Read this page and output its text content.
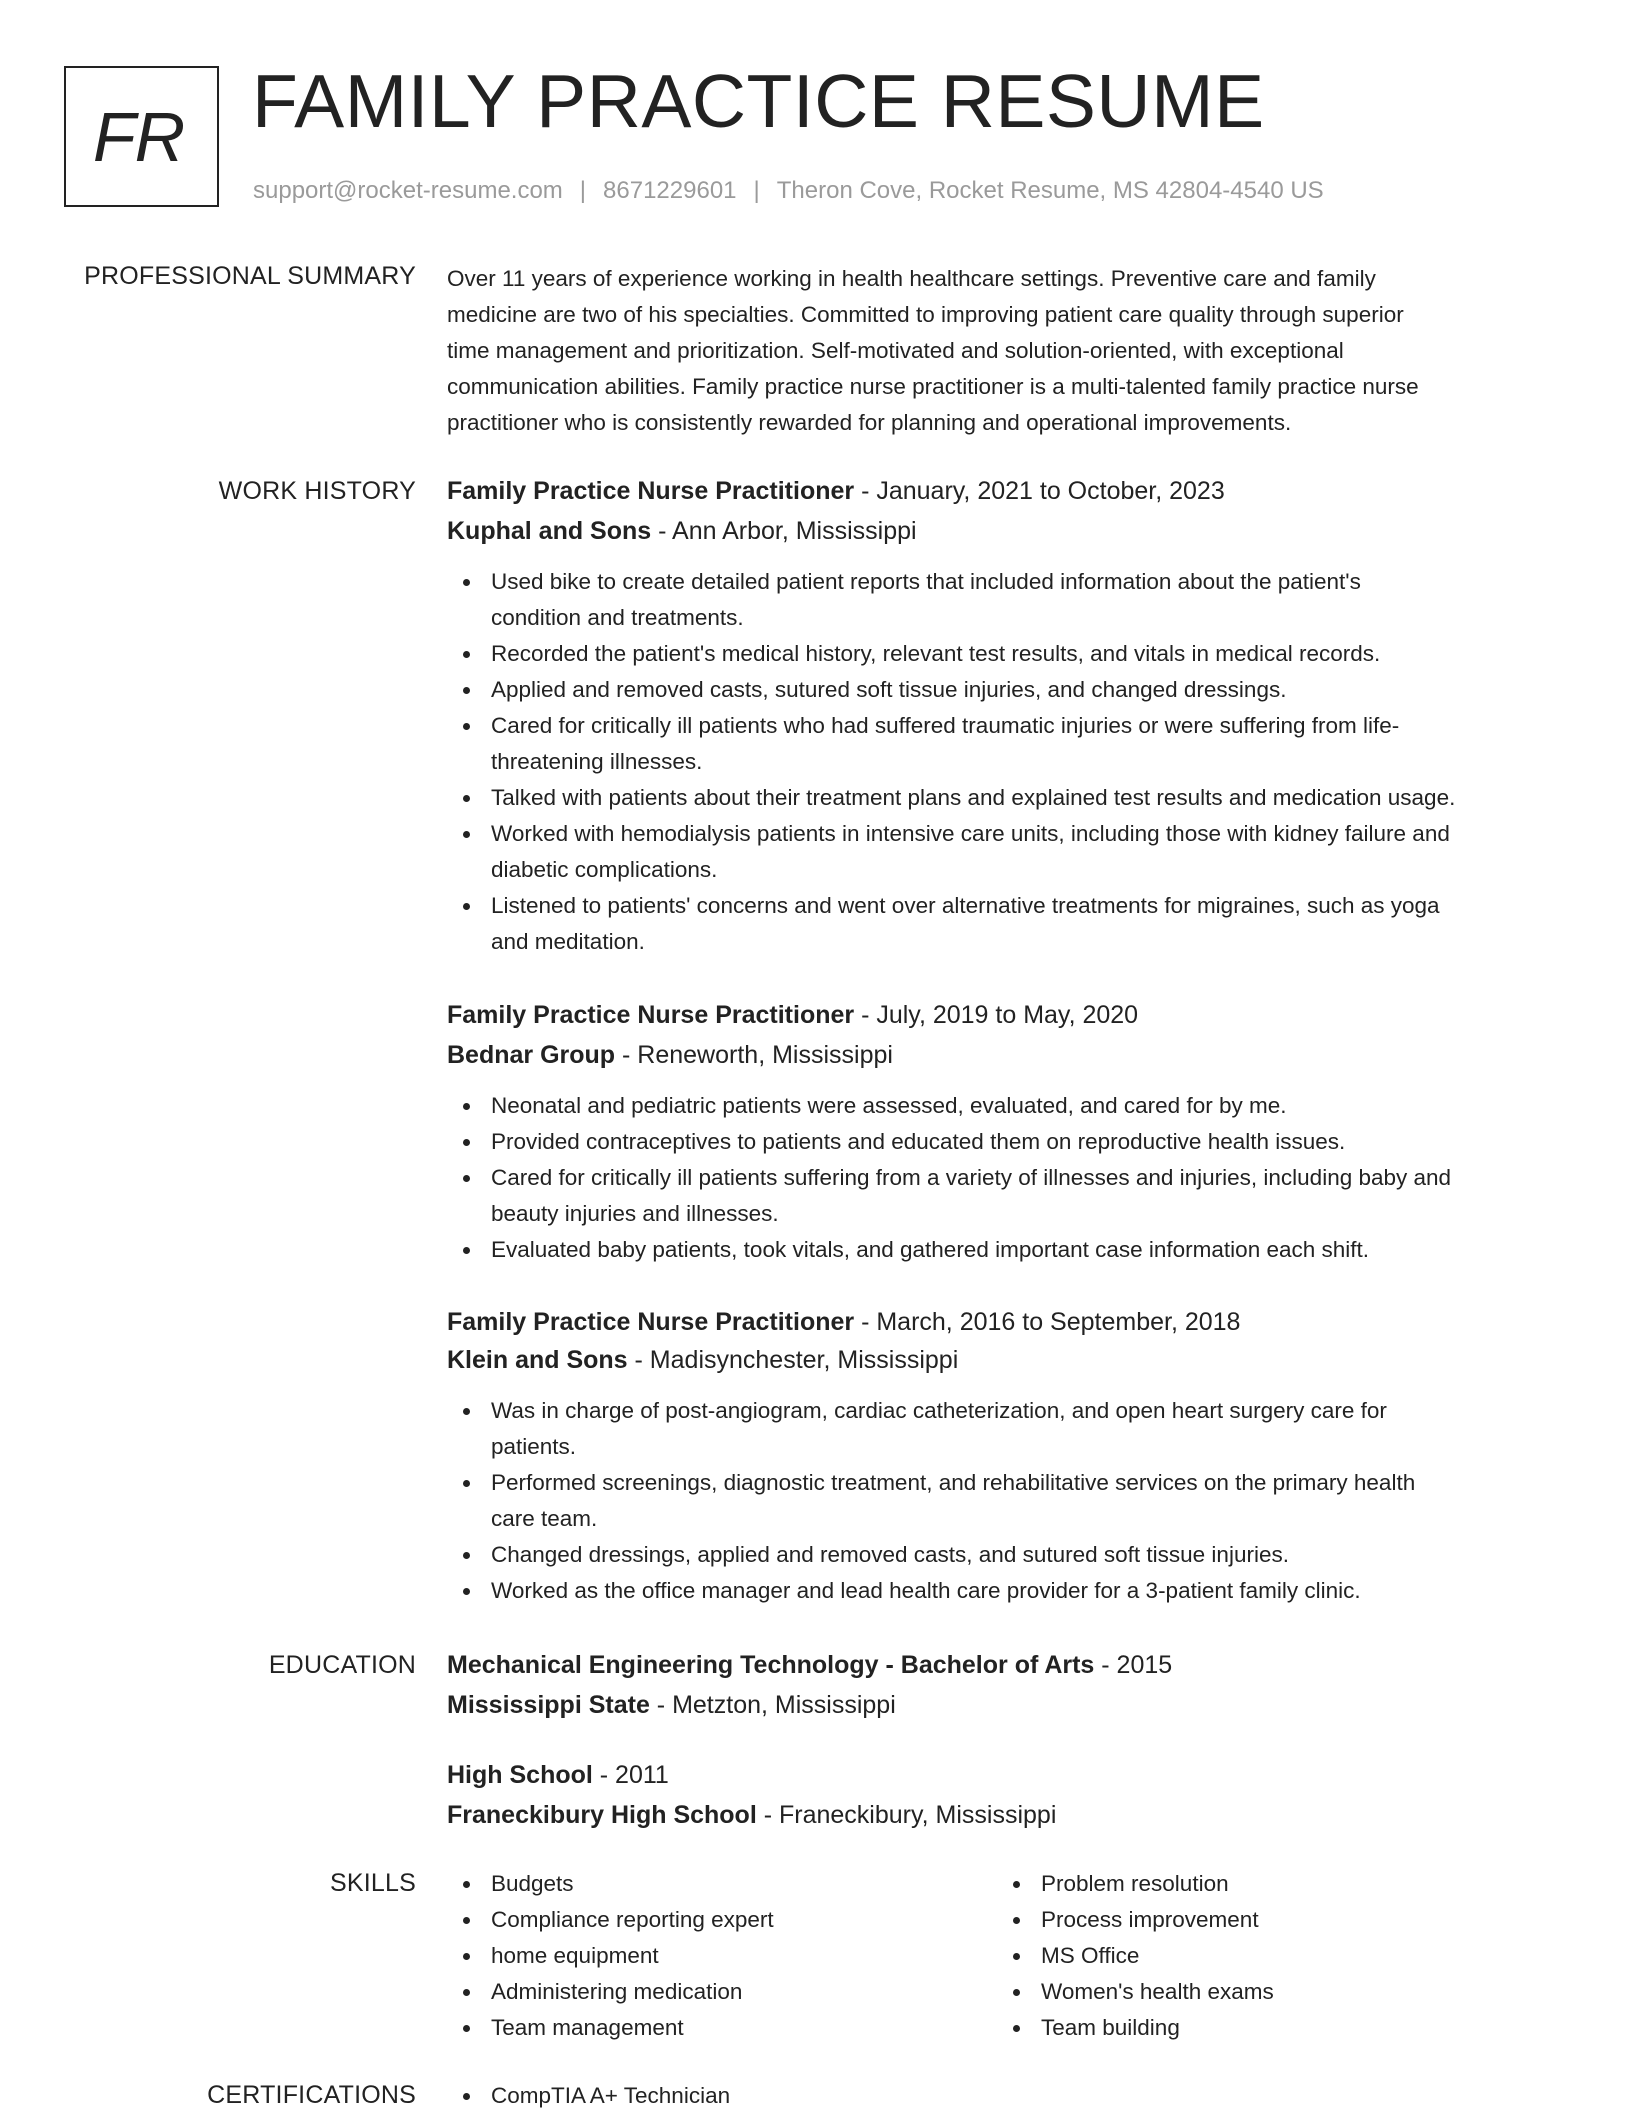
FR FAMILY PRACTICE RESUME
support@rocket-resume.com | 8671229601 | Theron Cove, Rocket Resume, MS 42804-4540 US
PROFESSIONAL SUMMARY Over 11 years of experience working in health healthcare settings. Preventive care and family
medicine are two of his specialties. Committed to improving patient care quality through superior
time management and prioritization. Self-motivated and solution-oriented, with exceptional
communication abilities. Family practice nurse practitioner is a multi-talented family practice nurse
practitioner who is consistently rewarded for planning and operational improvements.
WORK HISTORY Family Practice Nurse Practitioner - January, 2021 to October, 2023
Kuphal and Sons - Ann Arbor, Mississippi
Used bike to create detailed patient reports that included information about the patient's
condition and treatments.
Recorded the patient's medical history, relevant test results, and vitals in medical records.
Applied and removed casts, sutured soft tissue injuries, and changed dressings.
Cared for critically ill patients who had suffered traumatic injuries or were suffering from life-
threatening illnesses.
Talked with patients about their treatment plans and explained test results and medication usage.
Worked with hemodialysis patients in intensive care units, including those with kidney failure and
diabetic complications.
Listened to patients' concerns and went over alternative treatments for migraines, such as yoga
and meditation.
Family Practice Nurse Practitioner - July, 2019 to May, 2020
Bednar Group - Reneworth, Mississippi
Neonatal and pediatric patients were assessed, evaluated, and cared for by me.
Provided contraceptives to patients and educated them on reproductive health issues.
Cared for critically ill patients suffering from a variety of illnesses and injuries, including baby and
beauty injuries and illnesses.
Evaluated baby patients, took vitals, and gathered important case information each shift.
Family Practice Nurse Practitioner - March, 2016 to September, 2018
Klein and Sons - Madisynchester, Mississippi
Was in charge of post-angiogram, cardiac catheterization, and open heart surgery care for
patients.
Performed screenings, diagnostic treatment, and rehabilitative services on the primary health
care team.
Changed dressings, applied and removed casts, and sutured soft tissue injuries.
Worked as the office manager and lead health care provider for a 3-patient family clinic.
EDUCATION Mechanical Engineering Technology - Bachelor of Arts - 2015
Mississippi State - Metzton, Mississippi
High School - 2011
Franeckibury High School - Franeckibury, Mississippi
SKILLS	Budgets
Compliance reporting expert
home equipment
Administering medication
Team management
Problem resolution
Process improvement
MS Office
Women's health exams
Team building
CERTIFICATIONS	CompTIA A+ Technician
